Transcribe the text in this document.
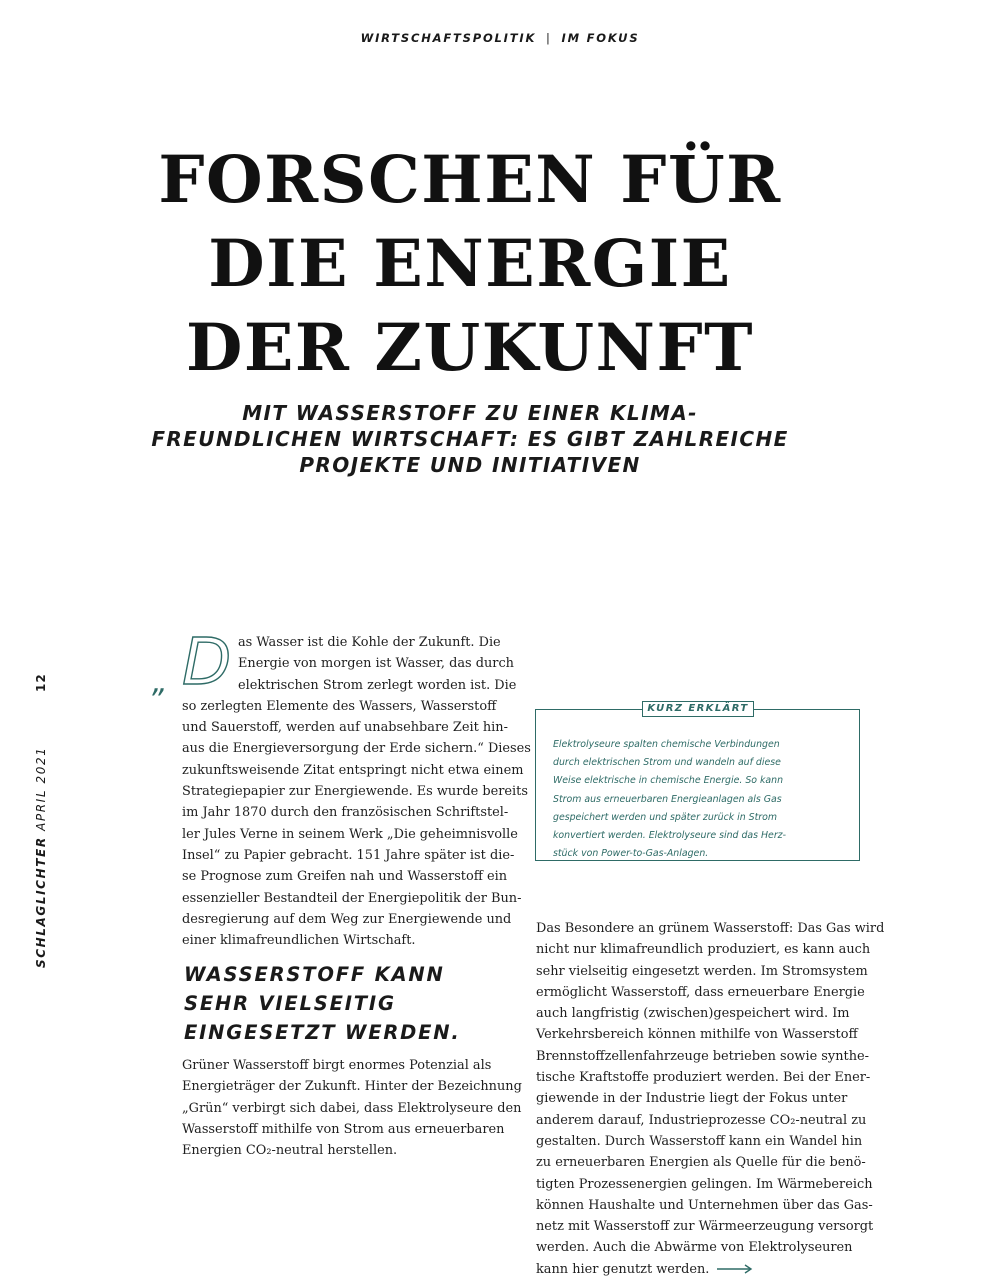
WIRTSCHAFTSPOLITIK | IM FOKUS
FORSCHEN FÜR
DIE ENERGIE
DER ZUKUNFT
MIT WASSERSTOFF ZU EINER KLIMA-
FREUNDLICHEN WIRTSCHAFT: ES GIBT ZAHLREICHE
PROJEKTE UND INITIATIVEN
SCHLAGLICHTER APRIL 2021
12	„ D as Wasser ist die Kohle der Zukunft. Die
Energie von morgen ist Wasser, das durch
elektrischen Strom zerlegt worden ist. Die
so zerlegten Elemente des Wassers, Wasserstoff
und Sauerstoff, werden auf unabsehbare Zeit hin-
aus die Energieversorgung der Erde sichern.“ Dieses
zukunftsweisende Zitat entspringt nicht etwa einem
Strategiepapier zur Energiewende. Es wurde bereits
im Jahr 1870 durch den französischen Schriftstel-
ler Jules Verne in seinem Werk „Die geheimnisvolle
Insel“ zu Papier gebracht. 151 Jahre später ist die-
se Prognose zum Greifen nah und Wasserstoff ein
essenzieller Bestandteil der Energiepolitik der Bun-
desregierung auf dem Weg zur Energiewende und
einer klimafreundlichen Wirtschaft.
WASSERSTOFF KANN
SEHR VIELSEITIG
EINGESETZT WERDEN.
Grüner Wasserstoff birgt enormes Potenzial als
Energieträger der Zukunft. Hinter der Bezeichnung
„Grün“ verbirgt sich dabei, dass Elektrolyseure den
Wasserstoff mithilfe von Strom aus erneuerbaren
Energien CO₂-neutral herstellen.
KURZ ERKLÄRT
Elektrolyseure spalten chemische Verbindungen
durch elektrischen Strom und wandeln auf diese
Weise elektrische in chemische Energie. So kann
Strom aus erneuerbaren Energieanlagen als Gas
gespeichert werden und später zurück in Strom
konvertiert werden. Elektrolyseure sind das Herz-
stück von Power-to-Gas-Anlagen.
Das Besondere an grünem Wasserstoff: Das Gas wird
nicht nur klimafreundlich produziert, es kann auch
sehr vielseitig eingesetzt werden. Im Stromsystem
ermöglicht Wasserstoff, dass erneuerbare Energie
auch langfristig (zwischen)gespeichert wird. Im
Verkehrsbereich können mithilfe von Wasserstoff
Brennstoffzellenfahrzeuge betrieben sowie synthe-
tische Kraftstoffe produziert werden. Bei der Ener-
giewende in der Industrie liegt der Fokus unter
anderem darauf, Industrieprozesse CO₂-neutral zu
gestalten. Durch Wasserstoff kann ein Wandel hin
zu erneuerbaren Energien als Quelle für die benö-
tigten Prozessenergien gelingen. Im Wärmebereich
können Haushalte und Unternehmen über das Gas-
netz mit Wasserstoff zur Wärmeerzeugung versorgt
werden. Auch die Abwärme von Elektrolyseuren
kann hier genutzt werden.
